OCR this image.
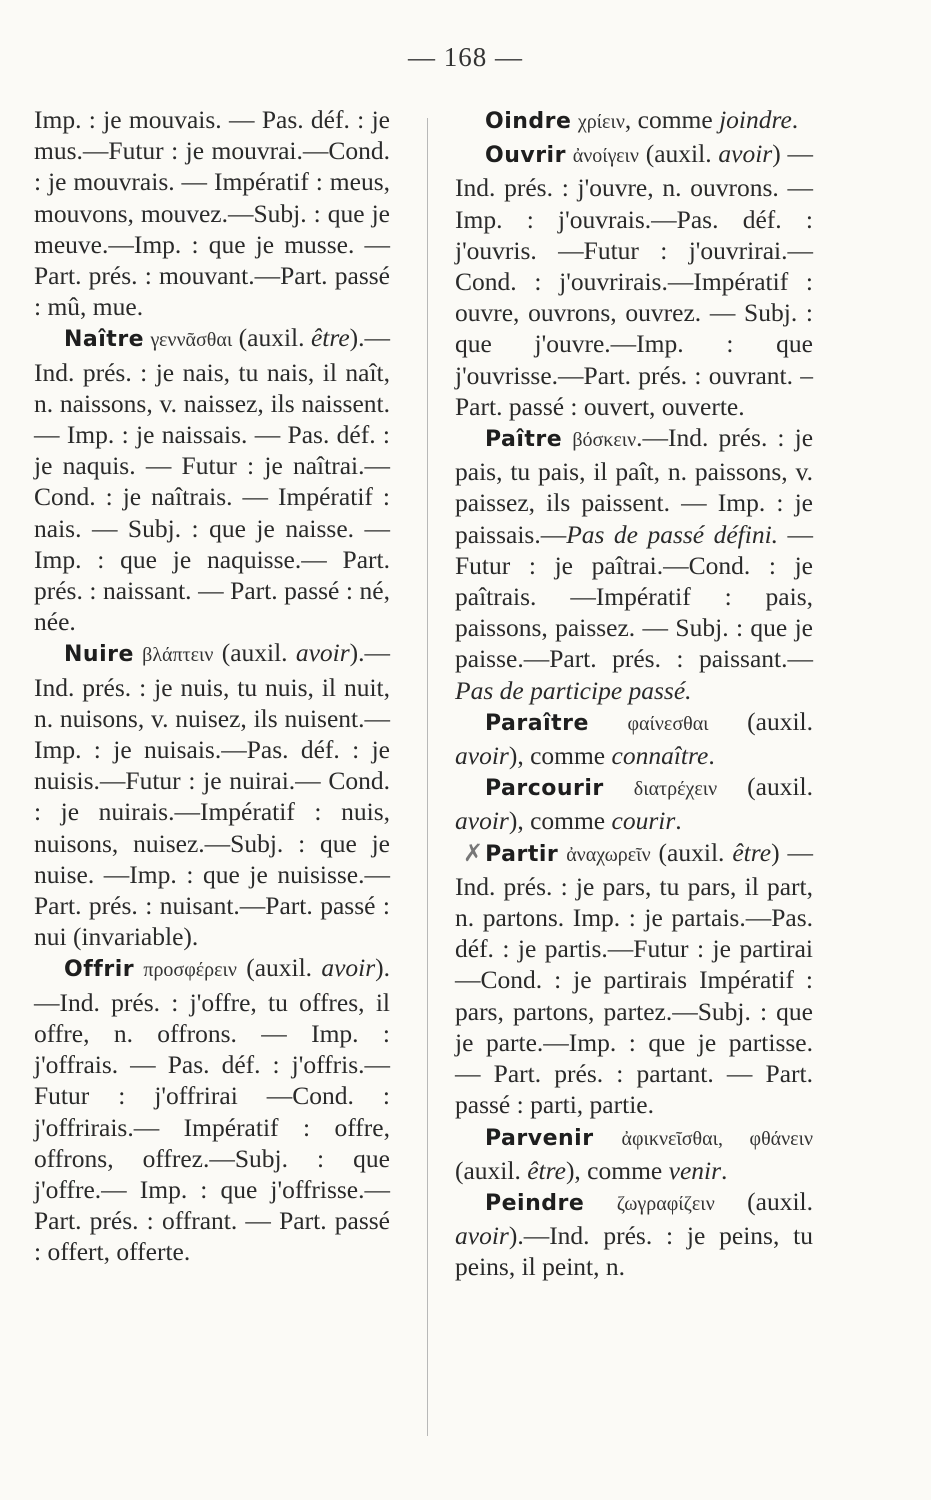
— 168 —

Imp. : je mouvais. — Pas. déf. : je mus.—Futur : je mouvrai.—Cond. : je mouvrais. — Impératif : meus, mouvons, mouvez.—Subj. : que je meuve.—Imp. : que je musse. — Part. prés. : mouvant.—Part. passé : mû, mue.

Naître γεννᾶσθαι (auxil. être).—Ind. prés. : je nais, tu nais, il naît, n. naissons, v. naissez, ils naissent.— Imp. : je naissais. — Pas. déf. : je naquis. — Futur : je naîtrai.—Cond. : je naîtrais. — Impératif : nais. — Subj. : que je naisse. — Imp. : que je naquisse.— Part. prés. : naissant. — Part. passé : né, née.

Nuire βλάπτειν (auxil. avoir).—Ind. prés. : je nuis, tu nuis, il nuit, n. nuisons, v. nuisez, ils nuisent.—Imp. : je nuisais.—Pas. déf. : je nuisis.—Futur : je nuirai.— Cond. : je nuirais.—Impératif : nuis, nuisons, nuisez.—Subj. : que je nuise. —Imp. : que je nuisisse.— Part. prés. : nuisant.—Part. passé : nui (invariable).

Offrir προσφέρειν (auxil. avoir).—Ind. prés. : j'offre, tu offres, il offre, n. offrons. — Imp. : j'offrais. — Pas. déf. : j'offris.—Futur : j'offrirai —Cond. : j'offrirais.— Impératif : offre, offrons, offrez.—Subj. : que j'offre.— Imp. : que j'offrisse.—Part. prés. : offrant. — Part. passé : offert, offerte.

Oindre χρίειν, comme joindre.

Ouvrir ἀνοίγειν (auxil. avoir) —Ind. prés. : j'ouvre, n. ouvrons. — Imp. : j'ouvrais.—Pas. déf. : j'ouvris. —Futur : j'ouvrirai.—Cond. : j'ouvrirais.—Impératif : ouvre, ouvrons, ouvrez. — Subj. : que j'ouvre.—Imp. : que j'ouvrisse.—Part. prés. : ouvrant. – Part. passé : ouvert, ouverte.

Paître βόσκειν.—Ind. prés. : je pais, tu pais, il paît, n. paissons, v. paissez, ils paissent. — Imp. : je paissais.—Pas de passé défini. —Futur : je paîtrai.—Cond. : je paîtrais. —Impératif : pais, paissons, paissez. — Subj. : que je paisse.—Part. prés. : paissant.—Pas de participe passé.

Paraître φαίνεσθαι (auxil. avoir), comme connaître.

Parcourir διατρέχειν (auxil. avoir), comme courir.

✗Partir ἀναχωρεῖν (auxil. être) —Ind. prés. : je pars, tu pars, il part, n. partons. Imp. : je partais.—Pas. déf. : je partis.—Futur : je partirai —Cond. : je partirais Impératif : pars, partons, partez.—Subj. : que je parte.—Imp. : que je partisse. — Part. prés. : partant. — Part. passé : parti, partie.

Parvenir ἀφικνεῖσθαι, φθάνειν (auxil. être), comme venir.

Peindre ζωγραφίζειν (auxil. avoir).—Ind. prés. : je peins, tu peins, il peint, n.
